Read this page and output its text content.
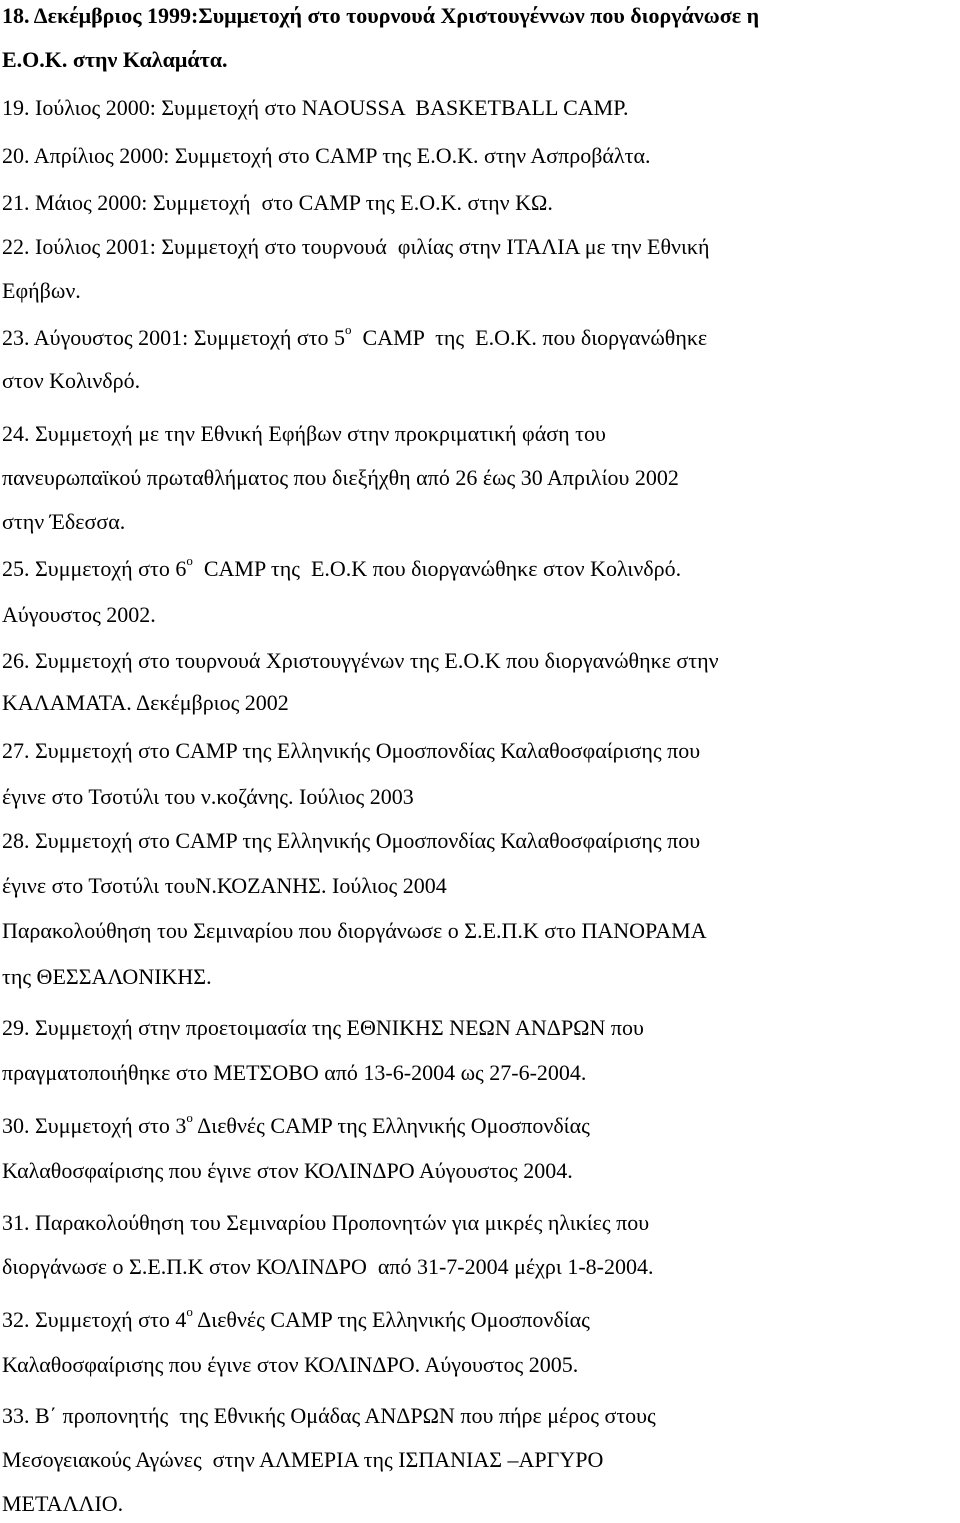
18. Δεκέμβριος 1999:Συμμετοχή στο τουρνουά Χριστουγέννων που διοργάνωσε η
Ε.Ο.Κ. στην Καλαμάτα.
19. Ιούλιος 2000: Συμμετοχή στο NAOUSSA  BASKETBALL CAMP.
20. Απρίλιος 2000: Συμμετοχή στο CAMP της Ε.Ο.Κ. στην Ασπροβάλτα.
21. Μάιος 2000: Συμμετοχή  στο CAMP της Ε.Ο.Κ. στην ΚΩ.
22. Ιούλιος 2001: Συμμετοχή στο τουρνουά  φιλίας στην ΙΤΑΛΙΑ με την Εθνική
Εφήβων.
23. Αύγουστος 2001: Συμμετοχή στο $5^o$  CAMP  της  Ε.Ο.Κ. που διοργανώθηκε
στον Κολινδρό.
24. Συμμετοχή με την Εθνική Εφήβων στην προκριματική φάση του
πανευρωπαϊκού πρωταθλήματος που διεξήχθη από 26 έως 30 Απριλίου 2002
στην Έδεσσα.
25. Συμμετοχή στο $6^o$  CAMP της  Ε.Ο.Κ που διοργανώθηκε στον Κολινδρό.
Αύγουστος 2002.
26. Συμμετοχή στο τουρνουά Χριστουγγένων της Ε.Ο.Κ που διοργανώθηκε στην
ΚΑΛΑΜΑΤΑ. Δεκέμβριος 2002
27. Συμμετοχή στο CAMP της Ελληνικής Ομοσπονδίας Καλαθοσφαίρισης που
έγινε στο Τσοτύλι του ν.κοζάνης. Ιούλιος 2003
28. Συμμετοχή στο CAMP της Ελληνικής Ομοσπονδίας Καλαθοσφαίρισης που
έγινε στο Τσοτύλι τουΝ.ΚΟΖΑΝΗΣ. Ιούλιος 2004
Παρακολούθηση του Σεμιναρίου που διοργάνωσε ο Σ.Ε.Π.Κ στο ΠΑΝΟΡΑΜΑ
της ΘΕΣΣΑΛΟΝΙΚΗΣ.
29. Συμμετοχή στην προετοιμασία της ΕΘΝΙΚΗΣ ΝΕΩΝ ΑΝΔΡΩΝ που
πραγματοποιήθηκε στο ΜΕΤΣΟΒΟ από 13-6-2004 ως 27-6-2004.
30. Συμμετοχή στο $3^o$ Διεθνές CAMP της Ελληνικής Ομοσπονδίας
Καλαθοσφαίρισης που έγινε στον ΚΟΛΙΝΔΡΟ Αύγουστος 2004.
31. Παρακολούθηση του Σεμιναρίου Προπονητών για μικρές ηλικίες που
διοργάνωσε ο Σ.Ε.Π.Κ στον ΚΟΛΙΝΔΡΟ  από 31-7-2004 μέχρι 1-8-2004.
32. Συμμετοχή στο $4^o$ Διεθνές CAMP της Ελληνικής Ομοσπονδίας
Καλαθοσφαίρισης που έγινε στον ΚΟΛΙΝΔΡΟ. Αύγουστος 2005.
33. Β΄ προπονητής  της Εθνικής Ομάδας ΑΝΔΡΩΝ που πήρε μέρος στους
Μεσογειακούς Αγώνες  στην ΑΛΜΕΡΙΑ της ΙΣΠΑΝΙΑΣ –ΑΡΓΥΡΟ
ΜΕΤΑΛΛΙΟ.
